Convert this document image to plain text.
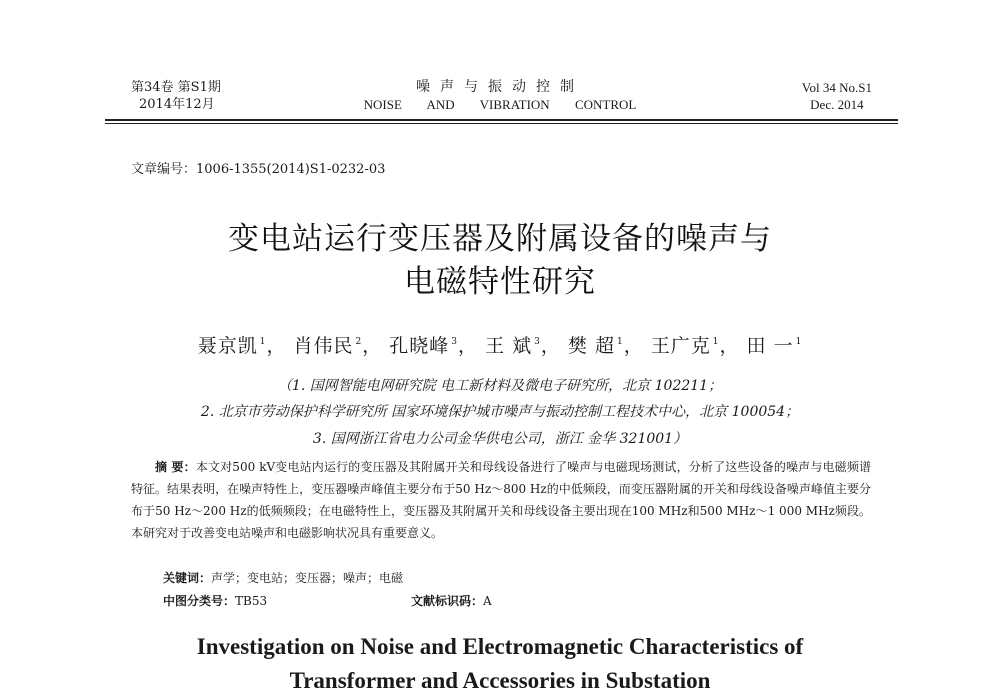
第34卷 第S1期
2014年12月
噪声与振动控制
NOISE AND VIBRATION CONTROL
Vol 34 No.S1
Dec. 2014
文章编号：1006-1355(2014)S1-0232-03
变电站运行变压器及附属设备的噪声与
电磁特性研究
聂京凯 $^1$， 肖伟民 $^2$， 孔晓峰 $^3$， 王 斌 $^3$， 樊 超 $^1$， 王广克 $^1$， 田 一 $^1$
（1. 国网智能电网研究院 电工新材料及微电子研究所，北京 102211；
2. 北京市劳动保护科学研究所 国家环境保护城市噪声与振动控制工程技术中心，北京 100054；
3. 国网浙江省电力公司金华供电公司，浙江 金华 321001）
摘 要：本文对500 kV变电站内运行的变压器及其附属开关和母线设备进行了噪声与电磁现场测试，分析了这些设备的噪声与电磁频谱特征。结果表明，在噪声特性上，变压器噪声峰值主要分布于50 Hz～800 Hz的中低频段，而变压器附属的开关和母线设备噪声峰值主要分布于50 Hz～200 Hz的低频频段；在电磁特性上，变压器及其附属开关和母线设备主要出现在100 MHz和500 MHz～1 000 MHz频段。本研究对于改善变电站噪声和电磁影响状况具有重要意义。
关键词：声学；变电站；变压器；噪声；电磁
中图分类号：TB53	文献标识码：A
Investigation on Noise and Electromagnetic Characteristics of
Transformer and Accessories in Substation
